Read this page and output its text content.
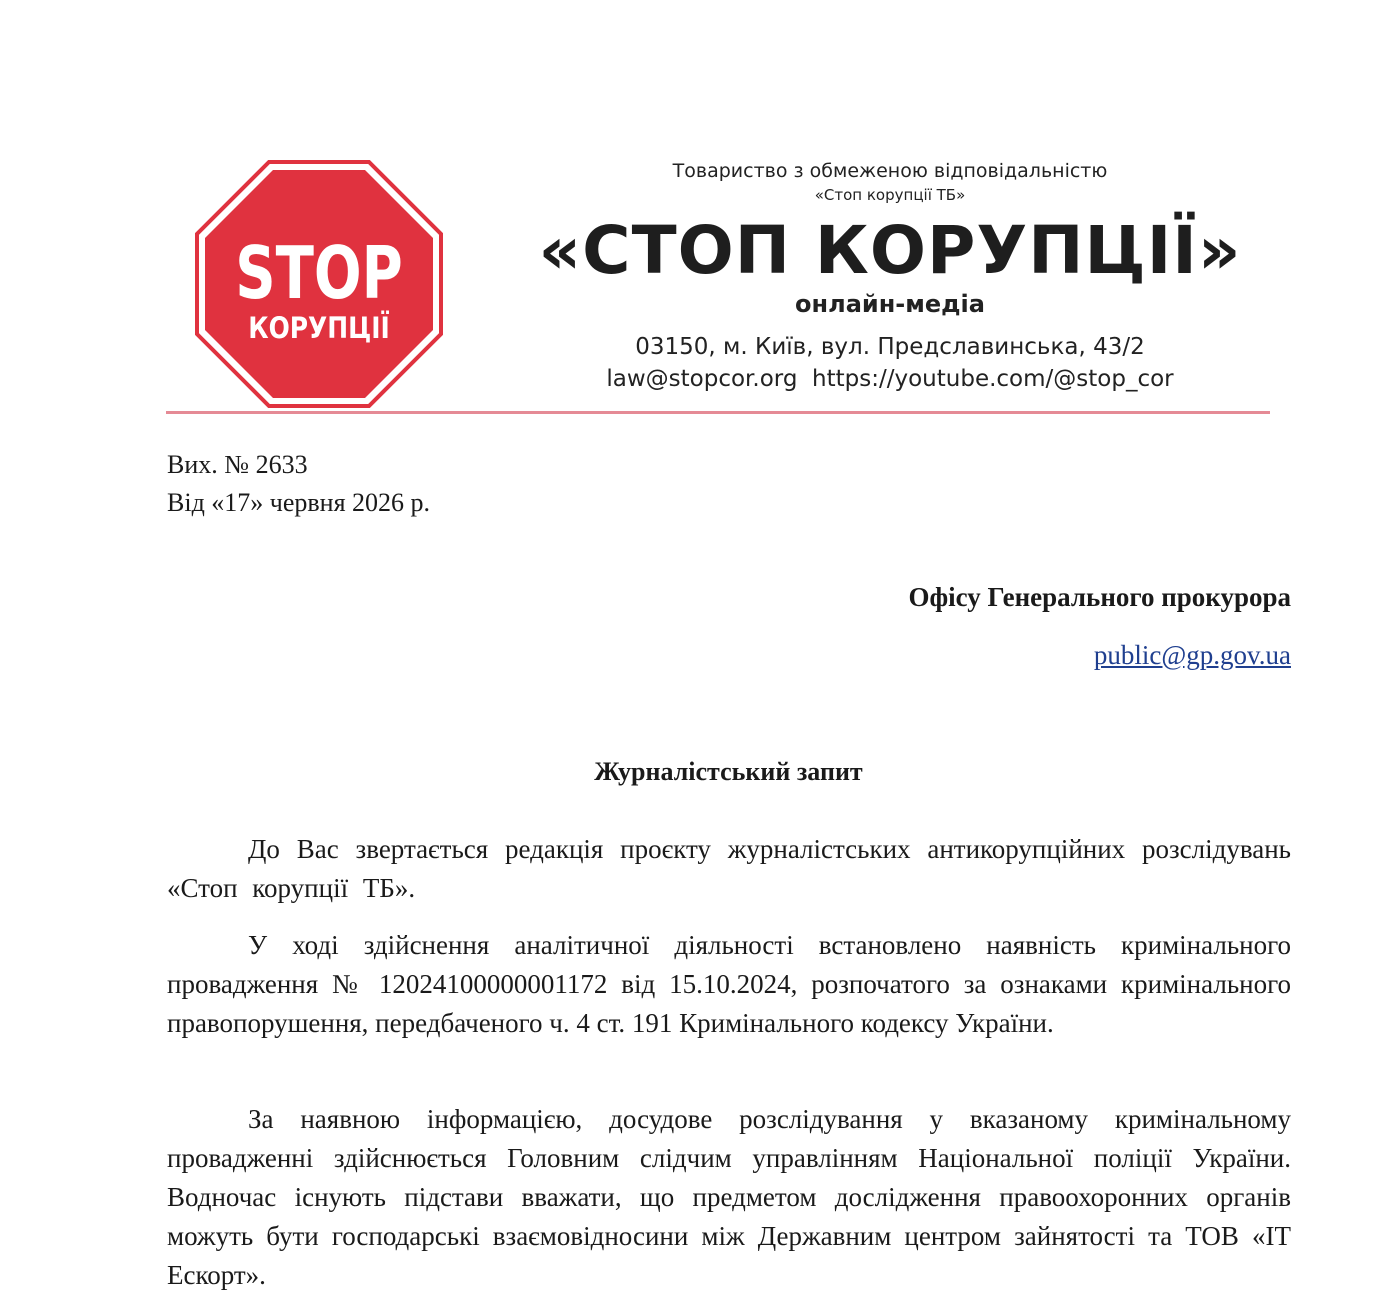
STOP
КОРУПЦІЇ
Товариство з обмеженою відповідальністю
«Стоп корупції ТБ»
«СТОП КОРУПЦІЇ»
онлайн-медіа
03150, м. Київ, вул. Предславинська, 43/2
law@stopcor.org  https://youtube.com/@stop_cor
Вих. № 2633
Від «17» червня 2026 р.
Офісу Генерального прокурора
public@gp.gov.ua
Журналістський запит

До Вас звертається редакція проєкту журналістських антикорупційних розслідувань «Стоп корупції ТБ».

У ході здійснення аналітичної діяльності встановлено наявність кримінального провадження № 12024100000001172 від 15.10.2024, розпочатого за ознаками кримінального правопорушення, передбаченого ч. 4 ст. 191 Кримінального кодексу України.

За наявною інформацією, досудове розслідування у вказаному кримінальному провадженні здійснюється Головним слідчим управлінням Національної поліції України. Водночас існують підстави вважати, що предметом дослідження правоохоронних органів можуть бути господарські взаємовідносини між Державним центром зайнятості та ТОВ «ІТ Ескорт».
